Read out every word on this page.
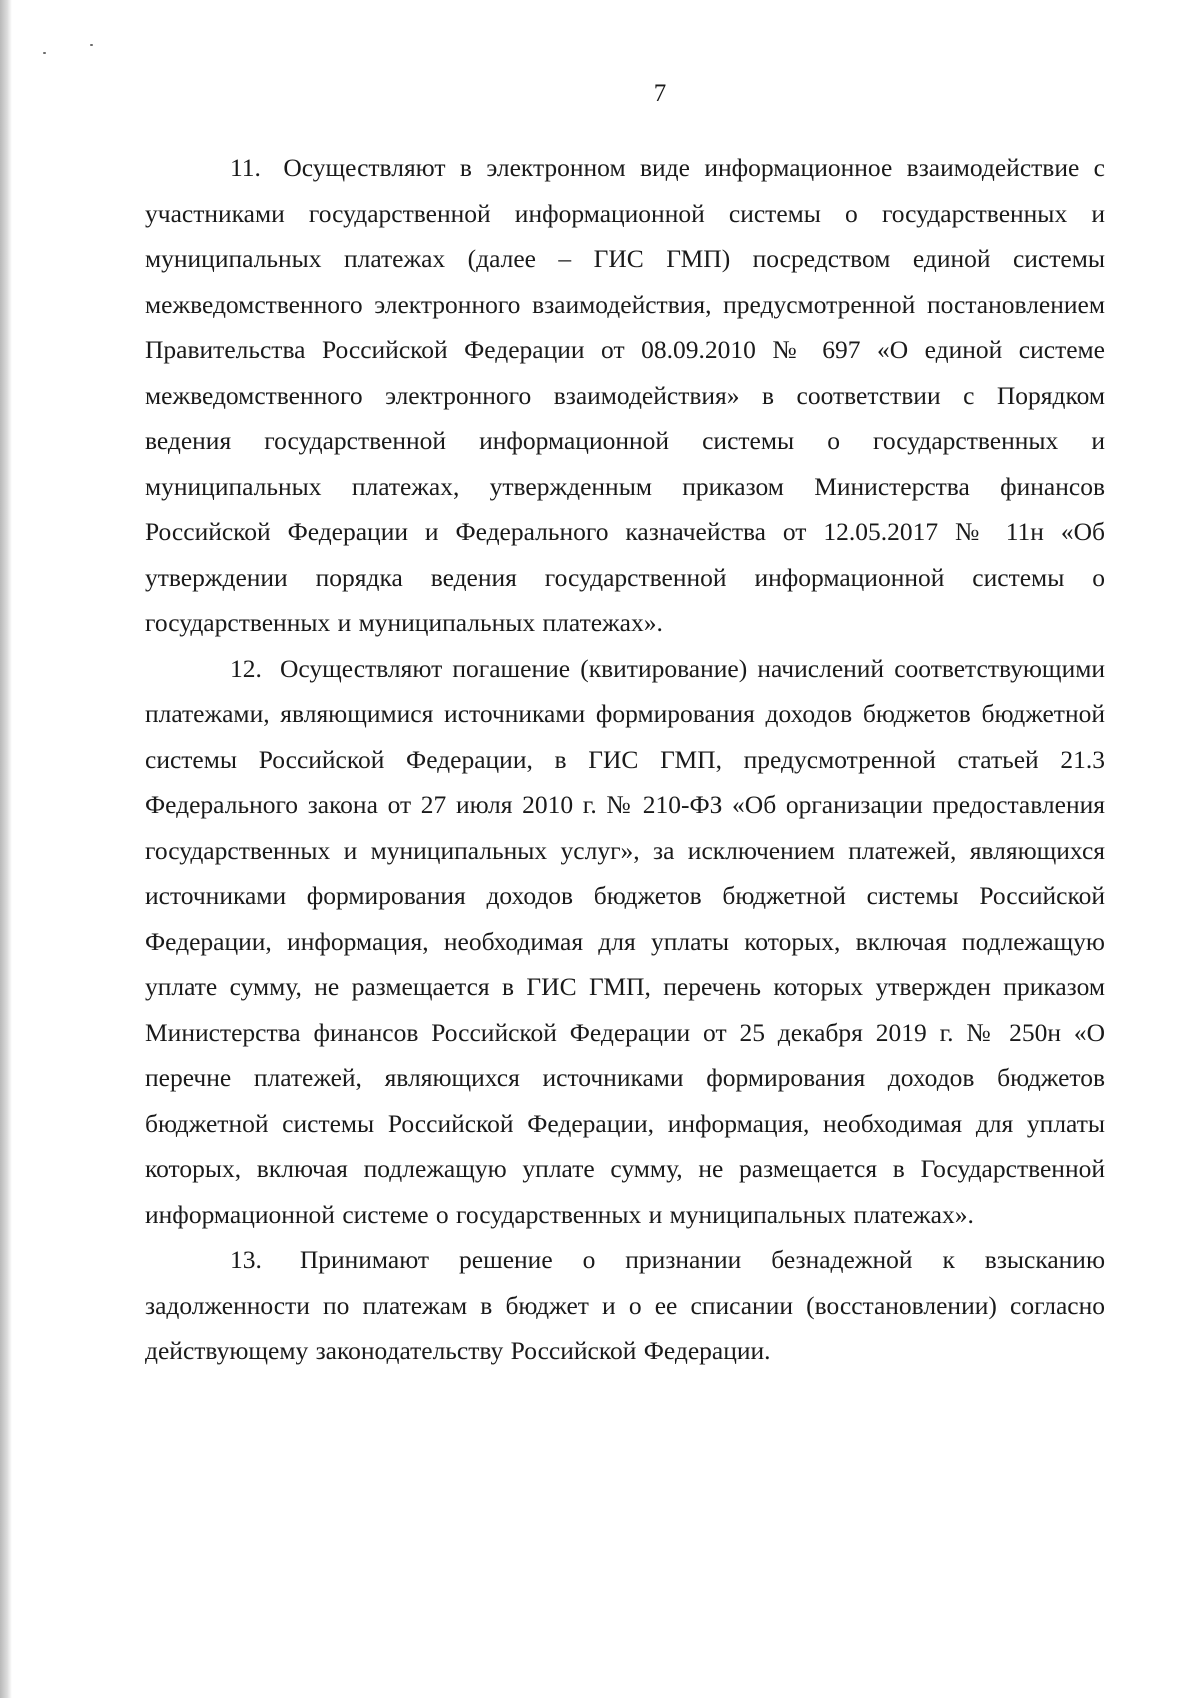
7

11. Осуществляют в электронном виде информационное взаимодействие с участниками государственной информационной системы о государственных и муниципальных платежах (далее – ГИС ГМП) посредством единой системы межведомственного электронного взаимодействия, предусмотренной постановлением Правительства Российской Федерации от 08.09.2010 № 697 «О единой системе межведомственного электронного взаимодействия» в соответствии с Порядком ведения государственной информационной системы о государственных и муниципальных платежах, утвержденным приказом Министерства финансов Российской Федерации и Федерального казначейства от 12.05.2017 № 11н «Об утверждении порядка ведения государственной информационной системы о государственных и муниципальных платежах».

12. Осуществляют погашение (квитирование) начислений соответствующими платежами, являющимися источниками формирования доходов бюджетов бюджетной системы Российской Федерации, в ГИС ГМП, предусмотренной статьей 21.3 Федерального закона от 27 июля 2010 г. № 210-ФЗ «Об организации предоставления государственных и муниципальных услуг», за исключением платежей, являющихся источниками формирования доходов бюджетов бюджетной системы Российской Федерации, информация, необходимая для уплаты которых, включая подлежащую уплате сумму, не размещается в ГИС ГМП, перечень которых утвержден приказом Министерства финансов Российской Федерации от 25 декабря 2019 г. № 250н «О перечне платежей, являющихся источниками формирования доходов бюджетов бюджетной системы Российской Федерации, информация, необходимая для уплаты которых, включая подлежащую уплате сумму, не размещается в Государственной информационной системе о государственных и муниципальных платежах».

13. Принимают решение о признании безнадежной к взысканию задолженности по платежам в бюджет и о ее списании (восстановлении) согласно действующему законодательству Российской Федерации.
